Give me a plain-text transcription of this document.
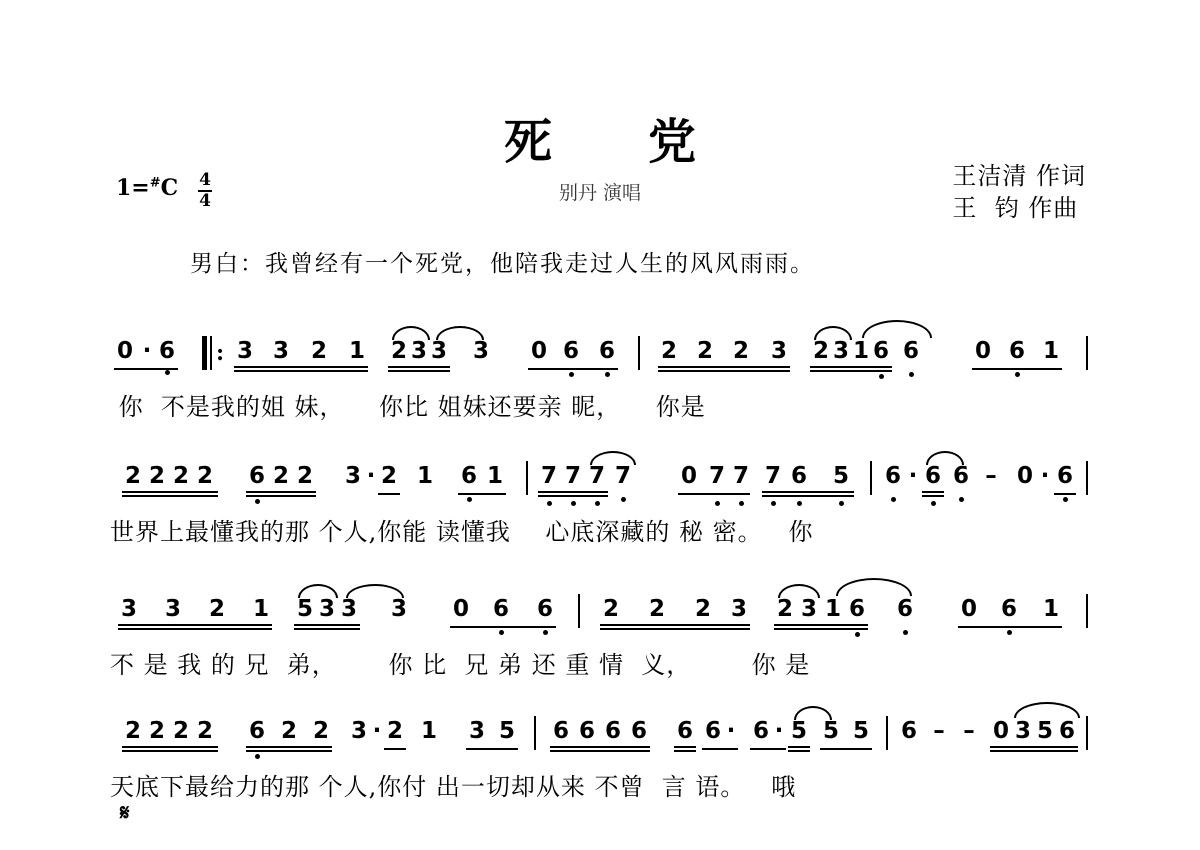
死党
别丹 演唱
1=#C 4
4
王洁清 作词
王  钧 作曲
男白：我曾经有一个死党，他陪我走过人生的风风雨雨。
0 · 6 : 3 3 2 1 2 3 3 3 0 6 6 2 2 2 3 2 3 1 6 6 0 6 1
你  不是我的姐 妹，    你比 姐妹还要亲 昵，    你是
2 2 2 2 6 2 2 3 · 2 1 6 1 7 7 7 7 0 7 7 7 6 5 6 · 6 6 – 0 · 6
世界上最懂我的那 个人,你能 读懂我    心底深藏的 秘 密。   你
3 3 2 1 5 3 3 3 0 6 6 2 2 2 3 2 3 1 6 6 0 6 1
不 是 我 的 兄  弟，      你 比  兄 弟 还 重 情  义，       你 是
2 2 2 2 6 2 2 3 · 2 1 3 5 6 6 6 6 6 6 · 6 · 5 5 5 6 – – 0 3 5 6
天底下最给力的那 个人,你付 出一切却从来 不曾  言 语。   哦
𝄋
